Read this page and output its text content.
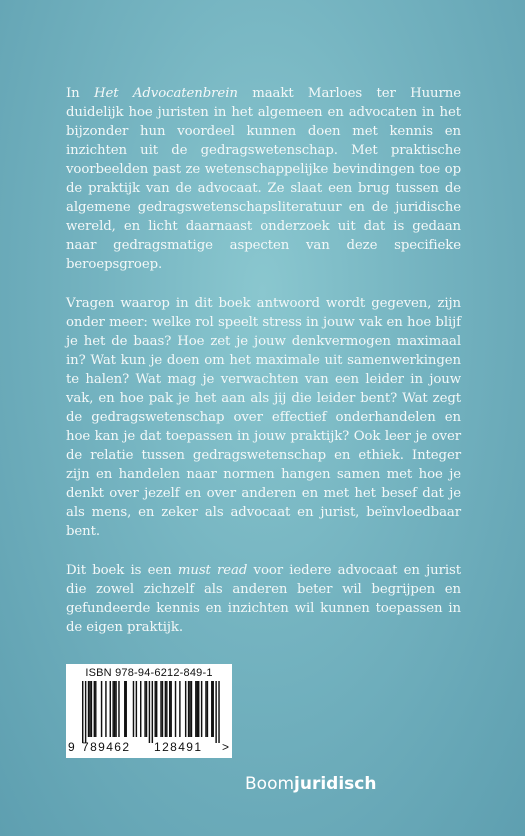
In Het Advocatenbrein maakt Marloes ter Huurne duidelijk hoe juristen in het algemeen en advocaten in het bijzonder hun voordeel kunnen doen met kennis en inzichten uit de gedragswetenschap. Met praktische voorbeelden past ze wetenschappelijke bevindingen toe op de praktijk van de advocaat. Ze slaat een brug tussen de algemene gedragswetenschapsliteratuur en de juridische wereld, en licht daarnaast onderzoek uit dat is gedaan naar gedragsmatige aspecten van deze specifieke beroepsgroep.

Vragen waarop in dit boek antwoord wordt gegeven, zijn onder meer: welke rol speelt stress in jouw vak en hoe blijf je het de baas? Hoe zet je jouw denkvermogen maximaal in? Wat kun je doen om het maximale uit samenwerkingen te halen? Wat mag je verwachten van een leider in jouw vak, en hoe pak je het aan als jij die leider bent? Wat zegt de gedragswetenschap over effectief onderhandelen en hoe kan je dat toepassen in jouw praktijk? Ook leer je over de relatie tussen gedragswetenschap en ethiek. Integer zijn en handelen naar normen hangen samen met hoe je denkt over jezelf en over anderen en met het besef dat je als mens, en zeker als advocaat en jurist, beïnvloedbaar bent.

Dit boek is een must read voor iedere advocaat en jurist die zowel zichzelf als anderen beter wil begrijpen en gefundeerde kennis en inzichten wil kunnen toepassen in de eigen praktijk.

ISBN 978-94-6212-849-1
9 789462 128491 >
Boomjuridisch
